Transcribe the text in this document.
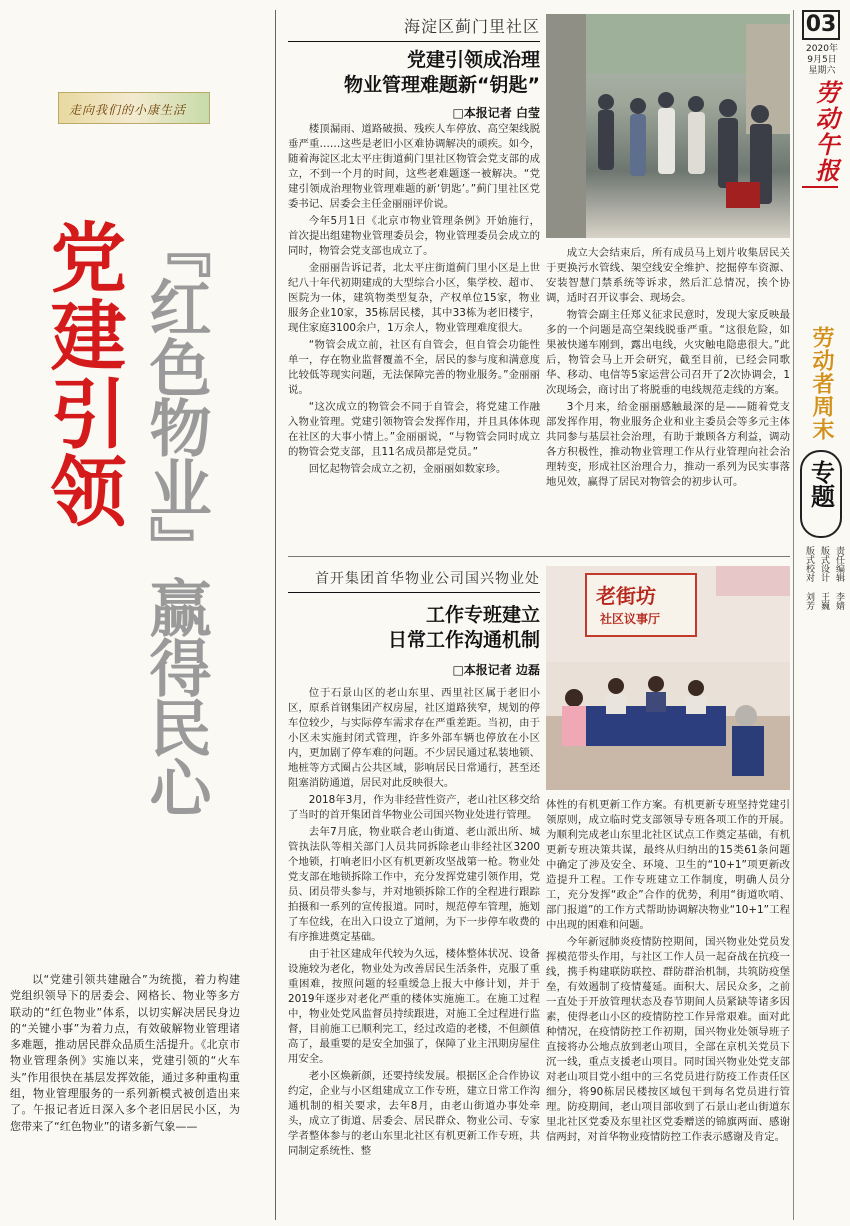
03
2020年
9月5日
星期六
劳动午报
劳动者周末
专题
责任编辑 李婧
版式设计 王巍
版式校对 刘芳
走向我们的小康生活
党建引领 『红色物业』赢得民心

以“党建引领共建融合”为统揽，着力构建党组织领导下的居委会、网格长、物业等多方联动的“红色物业”体系，以切实解决居民身边的“关键小事”为着力点，有效破解物业管理诸多难题，推动居民群众品质生活提升。《北京市物业管理条例》实施以来，党建引领的“火车头”作用很快在基层发挥效能，通过多种重构重组，物业管理服务的一系列新模式被创造出来了。午报记者近日深入多个老旧居民小区，为您带来了“红色物业”的诸多新气象——

海淀区蓟门里社区
党建引领成治理
物业管理难题新“钥匙”
□本报记者 白莹

楼顶漏雨、道路破损、残疾人车停放、高空架线脱垂严重……这些是老旧小区难协调解决的顽疾。如今，随着海淀区北太平庄街道蓟门里社区物管会党支部的成立，不到一个月的时间，这些老难题逐一被解决。“党建引领成治理物业管理难题的新‘钥匙’。”蓟门里社区党委书记、居委会主任金丽丽评价说。

今年5月1日《北京市物业管理条例》开始施行，首次提出组建物业管理委员会，物业管理委员会成立的同时，物管会党支部也成立了。

金丽丽告诉记者，北太平庄街道蓟门里小区是上世纪八十年代初期建成的大型综合小区，集学校、超市、医院为一体，建筑物类型复杂，产权单位15家，物业服务企业10家，35栋居民楼，其中33栋为老旧楼宇，现住家庭3100余户，1万余人，物业管理难度很大。

“物管会成立前，社区有自管会，但自管会功能性单一，存在物业监督覆盖不全，居民的参与度和满意度比较低等现实问题，无法保障完善的物业服务。”金丽丽说。

“这次成立的物管会不同于自管会，将党建工作融入物业管理。党建引领物管会发挥作用，并且具体体现在社区的大事小情上。”金丽丽说，“与物管会同时成立的物管会党支部，且11名成员都是党员。”

回忆起物管会成立之初，金丽丽如数家珍。

成立大会结束后，所有成员马上划片收集居民关于更换污水管线、架空线安全维护、挖掘停车资源、安装智慧门禁系统等诉求，然后汇总情况，挨个协调，适时召开议事会、现场会。

物管会副主任郑义征求民意时，发现大家反映最多的一个问题是高空架线脱垂严重。“这很危险，如果被快递车刚到，露出电线，火灾触电隐患很大。”此后，物管会马上开会研究，截至目前，已经会同歌华、移动、电信等5家运营公司召开了2次协调会，1次现场会，商讨出了将脱垂的电线规范走线的方案。

3个月来，给金丽丽感触最深的是——随着党支部发挥作用，物业服务企业和业主委员会等多元主体共同参与基层社会治理，有助于兼顾各方利益，调动各方积极性，推动物业管理工作从行业管理向社会治理转变，形成社区治理合力，推动一系列为民实事落地见效，赢得了居民对物管会的初步认可。

首开集团首华物业公司国兴物业处
工作专班建立
日常工作沟通机制
□本报记者 边磊
老街坊
社区议事厅

位于石景山区的老山东里、西里社区属于老旧小区，原系首钢集团产权房屋，社区道路狭窄，规划的停车位较少，与实际停车需求存在严重差距。当初，由于小区未实施封闭式管理，许多外部车辆也停放在小区内，更加剧了停车难的问题。不少居民通过私装地锁、地桩等方式圈占公共区域，影响居民日常通行，甚至还阻塞消防通道，居民对此反映很大。

2018年3月，作为非经营性资产，老山社区移交给了当时的首开集团首华物业公司国兴物业处进行管理。

去年7月底，物业联合老山街道、老山派出所、城管执法队等相关部门人员共同拆除老山非经社区3200个地锁，打响老旧小区有机更新攻坚战第一枪。物业处党支部在地锁拆除工作中，充分发挥党建引领作用，党员、团员带头参与，并对地锁拆除工作的全程进行跟踪拍摄和一系列的宣传报道。同时，规范停车管理，施划了车位线，在出入口设立了道闸，为下一步停车收费的有序推进奠定基础。

由于社区建成年代较为久远，楼体整体状况、设备设施较为老化，物业处为改善居民生活条件，克服了重重困难，按照问题的轻重缓急上报大中修计划，并于2019年逐步对老化严重的楼体实施施工。在施工过程中，物业处党风监督员持续跟进，对施工全过程进行监督，目前施工已顺利完工，经过改造的老楼，不但颜值高了，最重要的是安全加强了，保障了业主汛期房屋住用安全。

老小区焕新颜，还要持续发展。根据区企合作协议约定，企业与小区组建成立工作专班，建立日常工作沟通机制的相关要求，去年8月，由老山街道办事处牵头，成立了街道、居委会、居民群众、物业公司、专家学者整体参与的老山东里北社区有机更新工作专班，共同制定系统性、整

体性的有机更新工作方案。有机更新专班坚持党建引领原则，成立临时党支部领导专班各项工作的开展。为顺利完成老山东里北社区试点工作奠定基础，有机更新专班决策共谋，最终从归纳出的15类61条问题中确定了涉及安全、环境、卫生的“10+1”项更新改造提升工程。工作专班建立工作制度，明确人员分工，充分发挥“政企”合作的优势，利用“街道吹哨、部门报道”的工作方式帮助协调解决物业“10+1”工程中出现的困难和问题。

今年新冠肺炎疫情防控期间，国兴物业处党员发挥模范带头作用，与社区工作人员一起奋战在抗疫一线，携手构建联防联控、群防群治机制，共筑防疫堡垒，有效遏制了疫情蔓延。面积大、居民众多，之前一直处于开放管理状态及春节期间人员紧缺等诸多因素，使得老山小区的疫情防控工作异常艰难。面对此种情况，在疫情防控工作初期，国兴物业处领导班子直接将办公地点放到老山项目，全部在京机关党员下沉一线，重点支援老山项目。同时国兴物业处党支部对老山项目党小组中的三名党员进行防疫工作责任区细分，将90栋居民楼按区域包干到每名党员进行管理。防疫期间，老山项目部收到了石景山老山街道东里北社区党委及东里社区党委赠送的锦旗两面、感谢信两封，对首华物业疫情防控工作表示感谢及肯定。
